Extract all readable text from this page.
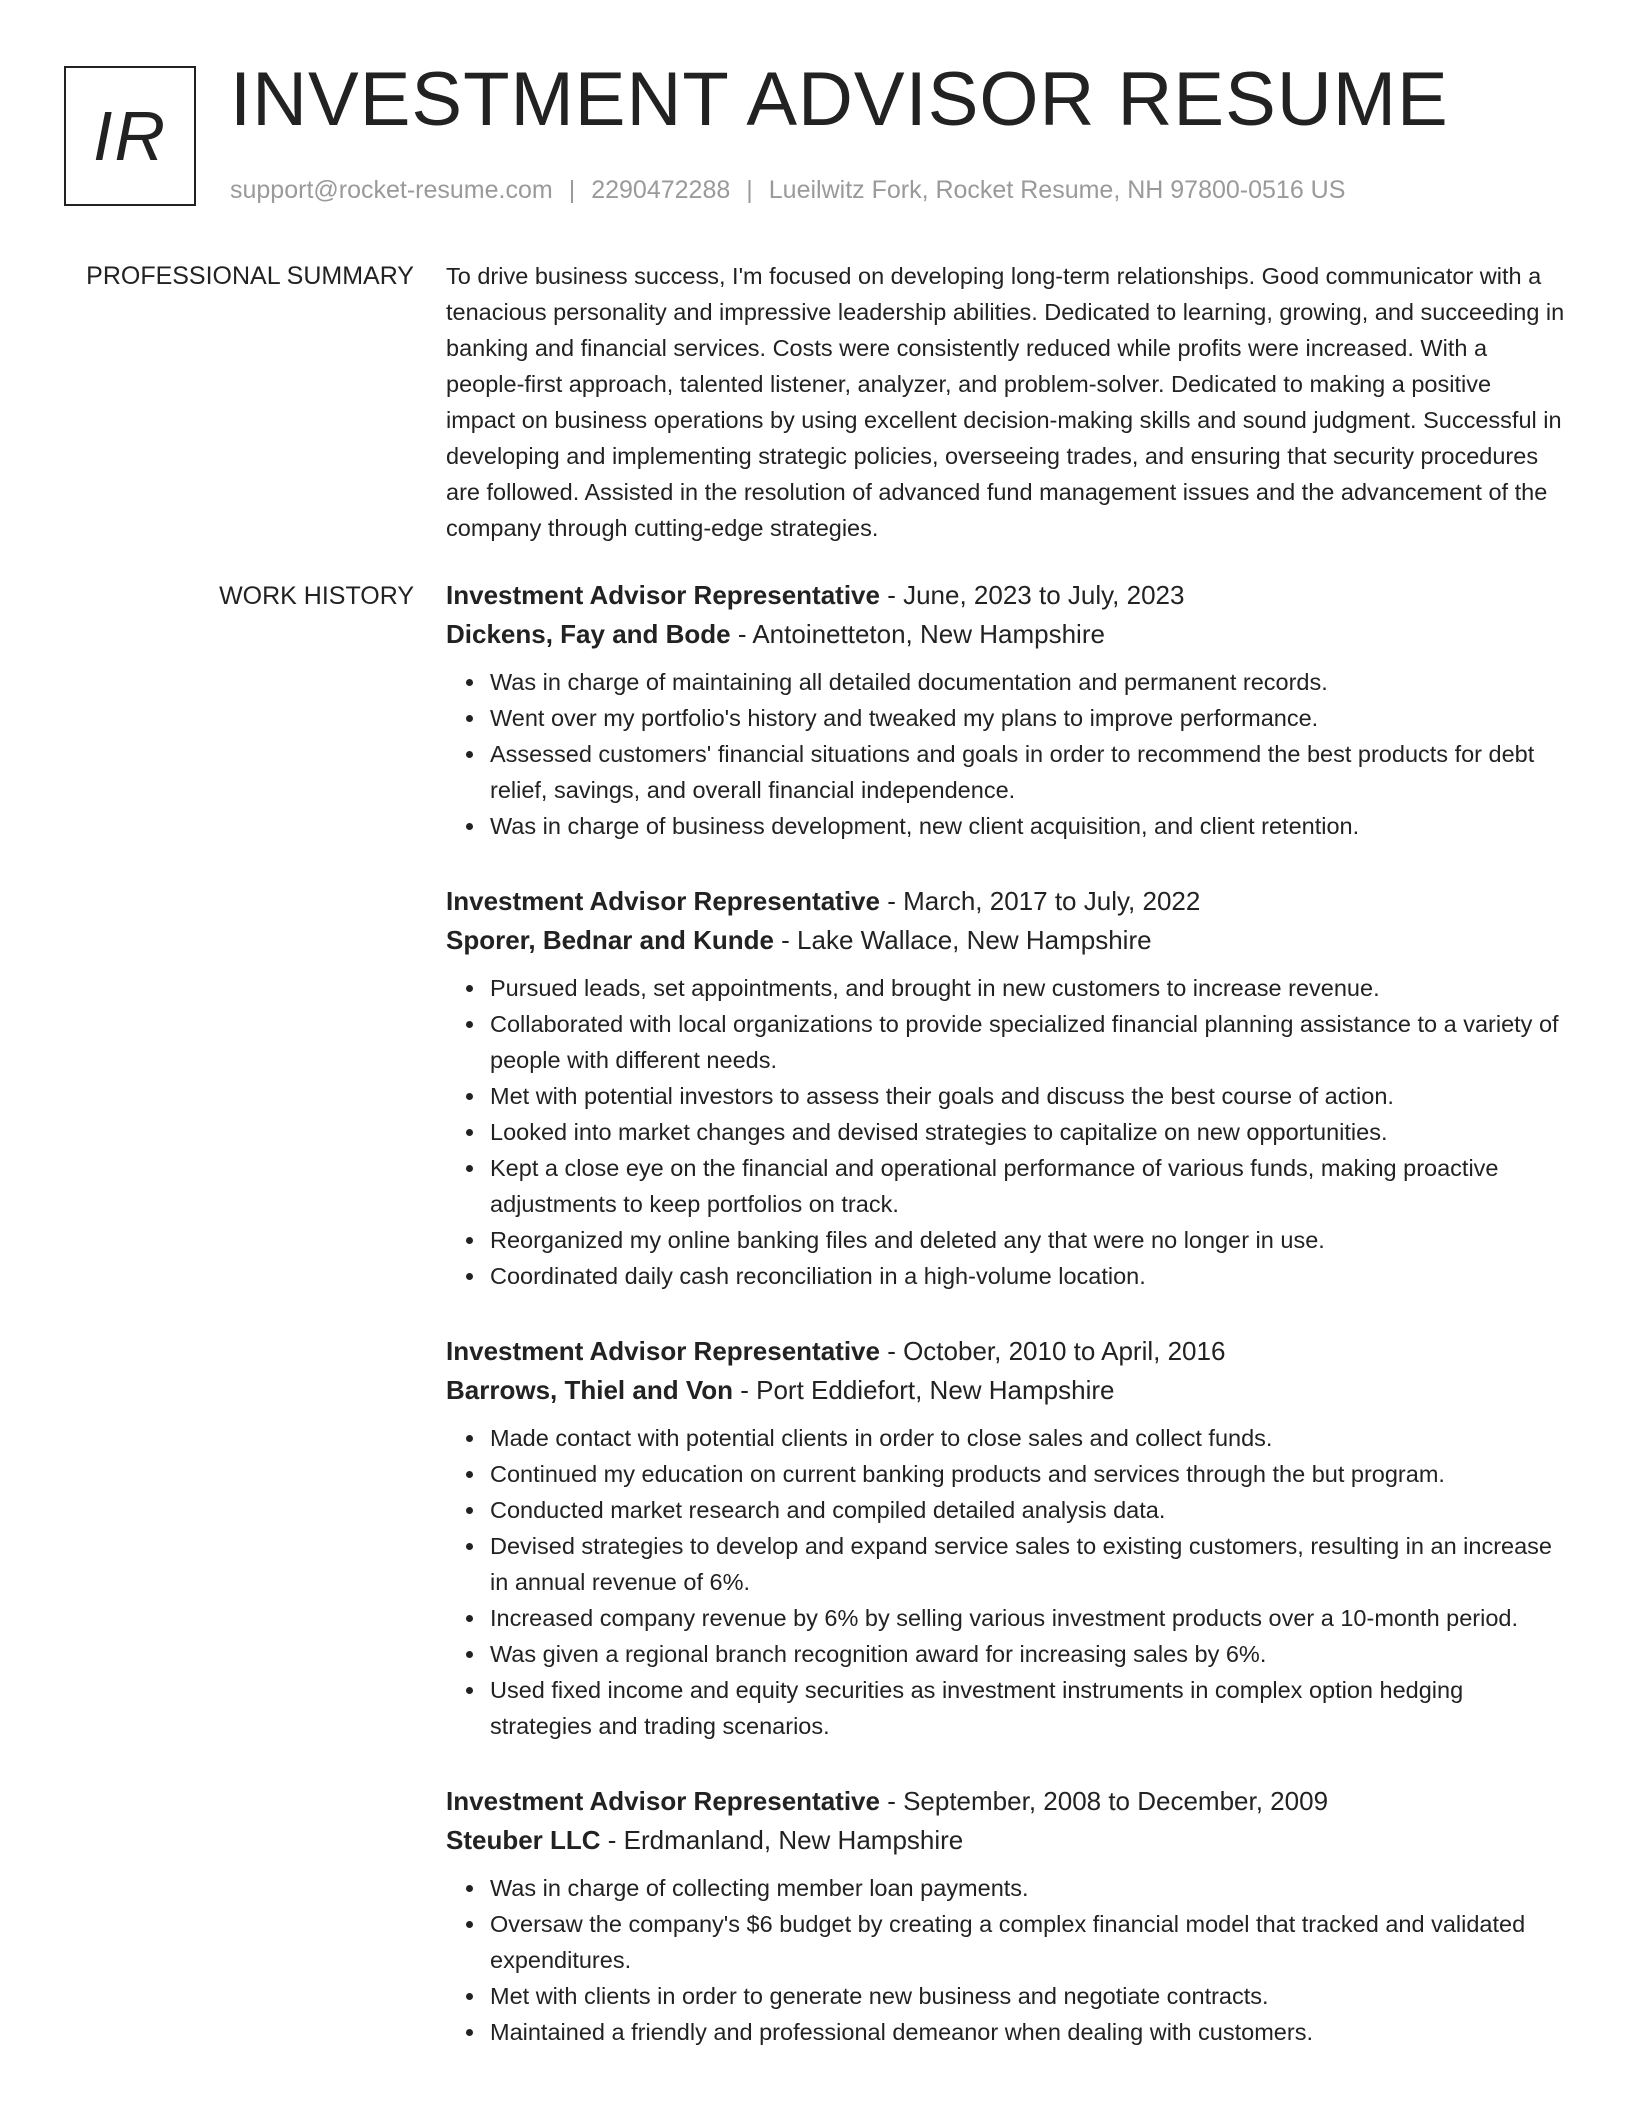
IR INVESTMENT ADVISOR RESUME
support@rocket-resume.com | 2290472288 | Lueilwitz Fork, Rocket Resume, NH 97800-0516 US
PROFESSIONAL SUMMARY To drive business success, I'm focused on developing long-term relationships. Good communicator with a tenacious personality and impressive leadership abilities. Dedicated to learning, growing, and succeeding in banking and financial services. Costs were consistently reduced while profits were increased. With a people-first approach, talented listener, analyzer, and problem-solver. Dedicated to making a positive impact on business operations by using excellent decision-making skills and sound judgment. Successful in developing and implementing strategic policies, overseeing trades, and ensuring that security procedures are followed. Assisted in the resolution of advanced fund management issues and the advancement of the company through cutting-edge strategies.

WORK HISTORY Investment Advisor Representative - June, 2023 to July, 2023
Dickens, Fay and Bode - Antoinetteton, New Hampshire
Was in charge of maintaining all detailed documentation and permanent records.
Went over my portfolio's history and tweaked my plans to improve performance.
Assessed customers' financial situations and goals in order to recommend the best products for debt relief, savings, and overall financial independence.
Was in charge of business development, new client acquisition, and client retention.
Investment Advisor Representative - March, 2017 to July, 2022
Sporer, Bednar and Kunde - Lake Wallace, New Hampshire
Pursued leads, set appointments, and brought in new customers to increase revenue.
Collaborated with local organizations to provide specialized financial planning assistance to a variety of people with different needs.
Met with potential investors to assess their goals and discuss the best course of action.
Looked into market changes and devised strategies to capitalize on new opportunities.
Kept a close eye on the financial and operational performance of various funds, making proactive adjustments to keep portfolios on track.
Reorganized my online banking files and deleted any that were no longer in use.
Coordinated daily cash reconciliation in a high-volume location.
Investment Advisor Representative - October, 2010 to April, 2016
Barrows, Thiel and Von - Port Eddiefort, New Hampshire
Made contact with potential clients in order to close sales and collect funds.
Continued my education on current banking products and services through the but program.
Conducted market research and compiled detailed analysis data.
Devised strategies to develop and expand service sales to existing customers, resulting in an increase in annual revenue of 6%.
Increased company revenue by 6% by selling various investment products over a 10-month period.
Was given a regional branch recognition award for increasing sales by 6%.
Used fixed income and equity securities as investment instruments in complex option hedging strategies and trading scenarios.
Investment Advisor Representative - September, 2008 to December, 2009
Steuber LLC - Erdmanland, New Hampshire
Was in charge of collecting member loan payments.
Oversaw the company's $6 budget by creating a complex financial model that tracked and validated expenditures.
Met with clients in order to generate new business and negotiate contracts.
Maintained a friendly and professional demeanor when dealing with customers.
